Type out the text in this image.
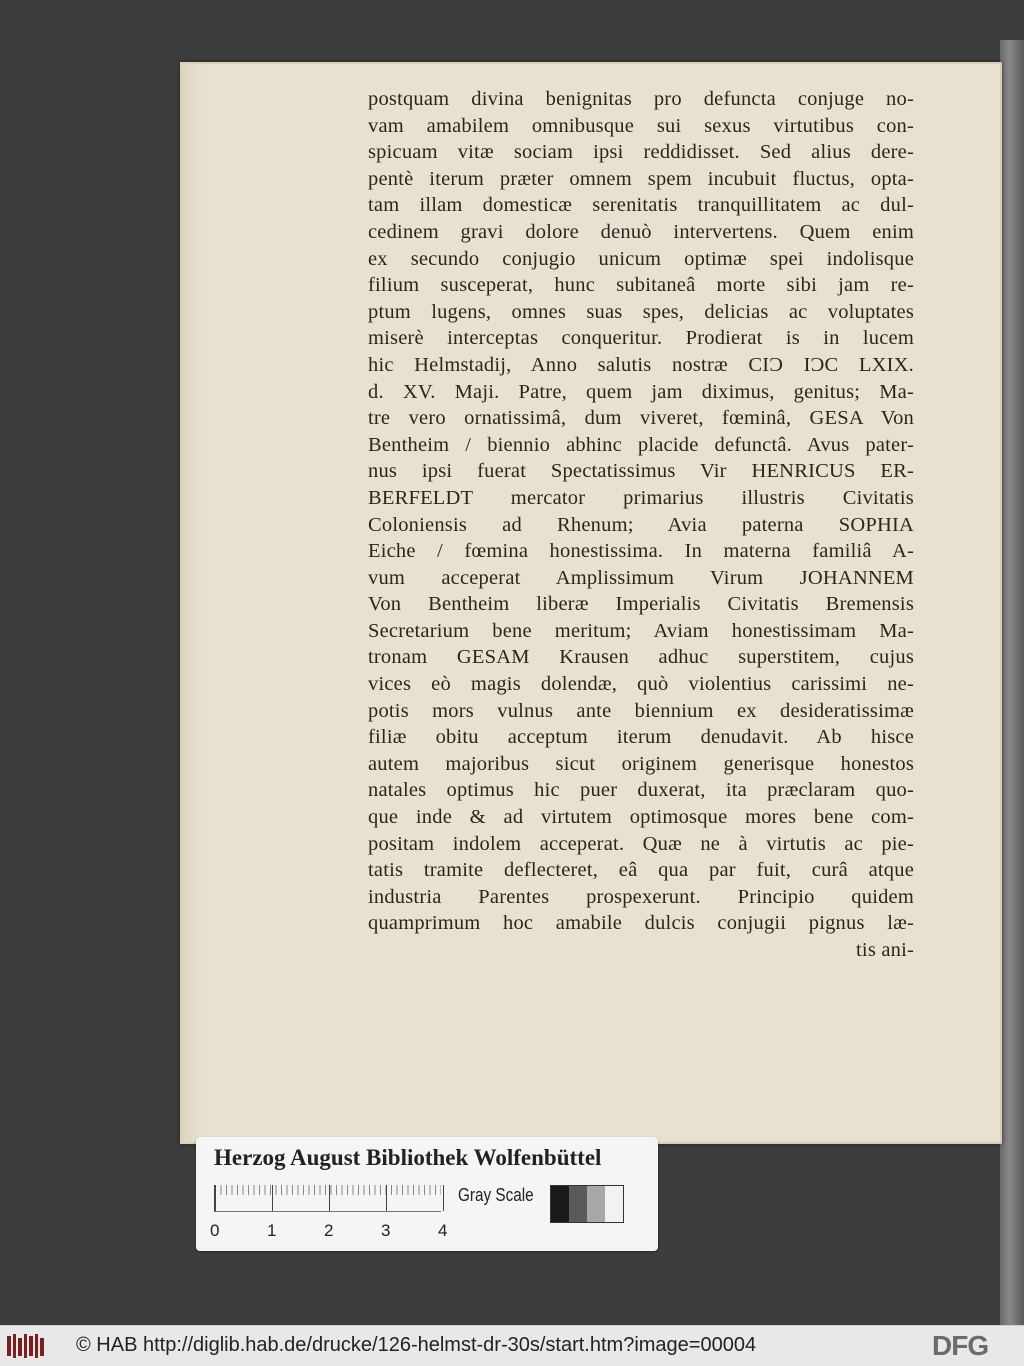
postquam divina benignitas pro defuncta conjuge no-
vam amabilem omnibusque sui sexus virtutibus con-
spicuam vitæ sociam ipsi reddidisset. Sed alius dere-
pentè iterum præter omnem spem incubuit fluctus, opta-
tam illam domesticæ serenitatis tranquillitatem ac dul-
cedinem gravi dolore denuò intervertens. Quem enim
ex secundo conjugio unicum optimæ spei indolisque
filium susceperat, hunc subitaneâ morte sibi jam re-
ptum lugens, omnes suas spes, delicias ac voluptates
miserè interceptas conqueritur. Prodierat is in lucem
hic Helmstadij, Anno salutis nostræ CIƆ IƆC LXIX.
d. XV. Maji. Patre, quem jam diximus, genitus; Ma-
tre vero ornatissimâ, dum viveret, fœminâ, GESA Von
Bentheim / biennio abhinc placide defunctâ. Avus pater-
nus ipsi fuerat Spectatissimus Vir HENRICUS ER-
BERFELDT mercator primarius illustris Civitatis
Coloniensis ad Rhenum; Avia paterna SOPHIA
Eiche / fœmina honestissima. In materna familiâ A-
vum acceperat Amplissimum Virum JOHANNEM
Von Bentheim liberæ Imperialis Civitatis Bremensis
Secretarium bene meritum; Aviam honestissimam Ma-
tronam GESAM Krausen adhuc superstitem, cujus
vices eò magis dolendæ, quò violentius carissimi ne-
potis mors vulnus ante biennium ex desideratissimæ
filiæ obitu acceptum iterum denudavit. Ab hisce
autem majoribus sicut originem generisque honestos
natales optimus hic puer duxerat, ita præclaram quo-
que inde & ad virtutem optimosque mores bene com-
positam indolem acceperat. Quæ ne à virtutis ac pie-
tatis tramite deflecteret, eâ qua par fuit, curâ atque
industria Parentes prospexerunt. Principio quidem
quamprimum hoc amabile dulcis conjugii pignus læ-
tis ani-
Herzog August Bibliothek Wolfenbüttel
0	1	2	3	4
Gray Scale
© HAB http://diglib.hab.de/drucke/126-helmst-dr-30s/start.htm?image=00004	DFG
